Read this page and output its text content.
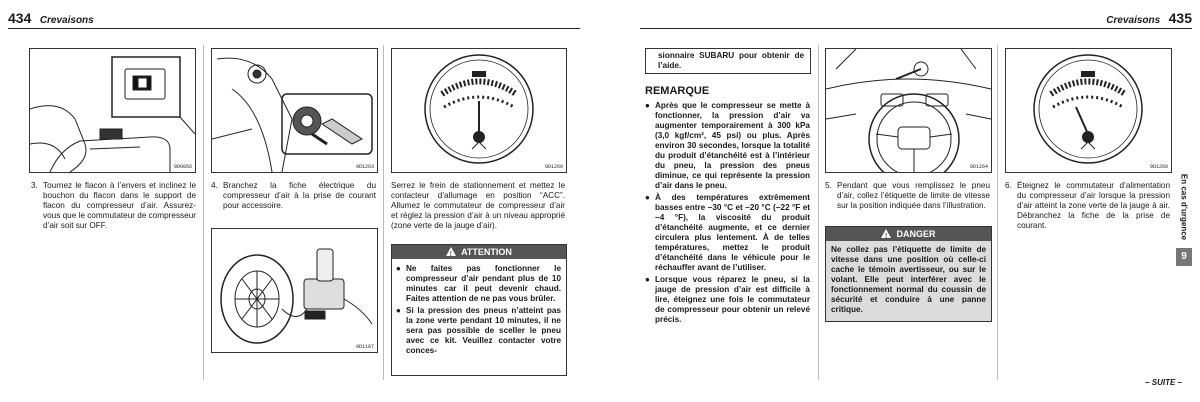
434 Crevaisons	Crevaisons 435
9D0856	9D1263	9D1260
3. Tournez le flacon à l’envers et inclinez le bouchon du flacon dans le support de flacon du compresseur d’air. Assurez-vous que le commutateur de compresseur d’air soit sur OFF.
4. Branchez la fiche électrique du compresseur d’air à la prise de courant pour accessoire.
9D1107
Serrez le frein de stationnement et mettez le contacteur d’allumage en position “ACC”. Allumez le commutateur de compresseur d’air et réglez la pression d’air à un niveau approprié (zone verte de la jauge d’air).
!ATTENTION
● Ne faites pas fonctionner le compresseur d’air pendant plus de 10 minutes car il peut devenir chaud. Faites attention de ne pas vous brûler.
● Si la pression des pneus n’atteint pas la zone verte pendant 10 minutes, il ne sera pas possible de sceller le pneu avec ce kit. Veuillez contacter votre conces-
sionnaire SUBARU pour obtenir de l’aide.
REMARQUE
● Après que le compresseur se mette à fonctionner, la pression d’air va augmenter temporairement à 300 kPa (3,0 kgf/cm², 45 psi) ou plus. Après environ 30 secondes, lorsque la totalité du produit d’étanchéité est à l’intérieur du pneu, la pression des pneus diminue, ce qui représente la pression d’air dans le pneu.
● À des températures extrêmement basses entre −30 °C et −20 °C (−22 °F et −4 °F), la viscosité du produit d’étanchéité augmente, et ce dernier circulera plus lentement. À de telles températures, mettez le produit d’étanchéité dans le véhicule pour le réchauffer avant de l’utiliser.
● Lorsque vous réparez le pneu, si la jauge de pression d’air est difficile à lire, éteignez une fois le commutateur de compresseur pour obtenir un relevé précis.
9D1264
5. Pendant que vous remplissez le pneu d’air, collez l’étiquette de limite de vitesse sur la position indiquée dans l’illustration.
!DANGER
Ne collez pas l’étiquette de limite de vitesse dans une position où celle-ci cache le témoin avertisseur, ou sur le volant. Elle peut interférer avec le fonctionnement normal du coussin de sécurité et conduire à une panne critique.
9D1260
6. Éteignez le commutateur d’alimentation du compresseur d’air lorsque la pression d’air atteint la zone verte de la jauge à air. Débranchez la fiche de la prise de courant.	En cas d’urgence
9
– SUITE –
